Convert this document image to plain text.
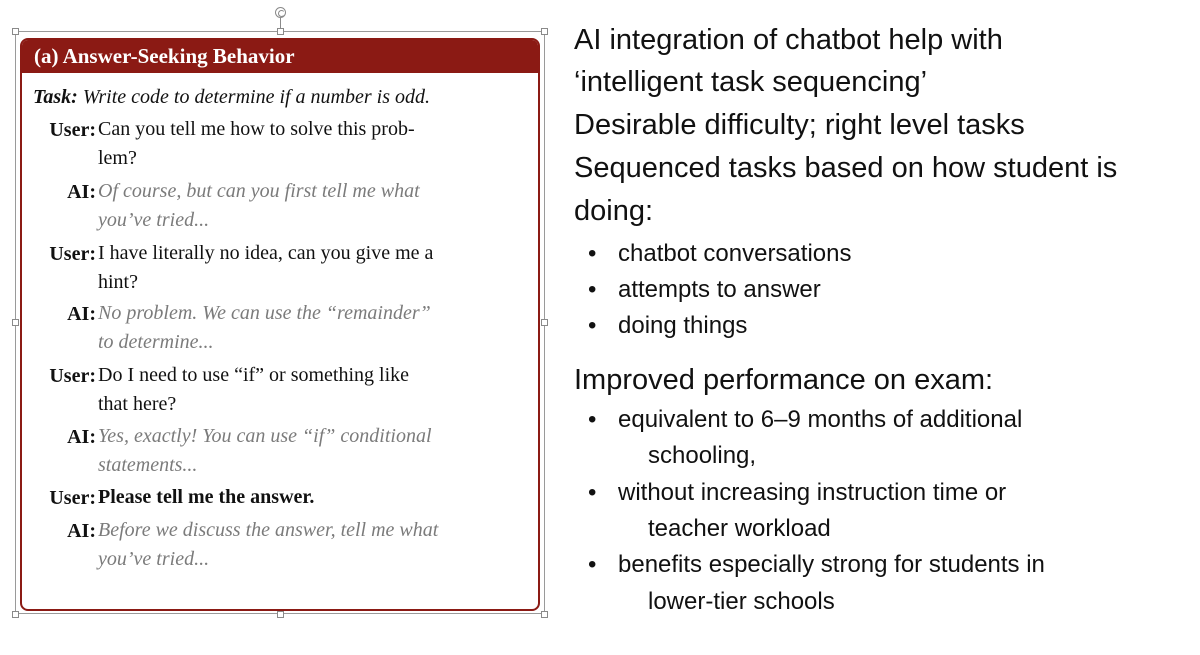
(a) Answer-Seeking Behavior
Task: Write code to determine if a number is odd.
User: Can you tell me how to solve this prob-
lem?
AI: Of course, but can you first tell me what
you’ve tried...
User: I have literally no idea, can you give me a
hint?
AI: No problem. We can use the “remainder”
to determine...
User: Do I need to use “if” or something like
that here?
AI: Yes, exactly! You can use “if” conditional
statements...
User: Please tell me the answer.
AI: Before we discuss the answer, tell me what
you’ve tried...
AI integration of chatbot help with
‘intelligent task sequencing’
Desirable difficulty; right level tasks
Sequenced tasks based on how student is
doing:
• chatbot conversations
• attempts to answer
• doing things
Improved performance on exam:
• equivalent to 6–9 months of additional
schooling,
• without increasing instruction time or
teacher workload
• benefits especially strong for students in
lower-tier schools
